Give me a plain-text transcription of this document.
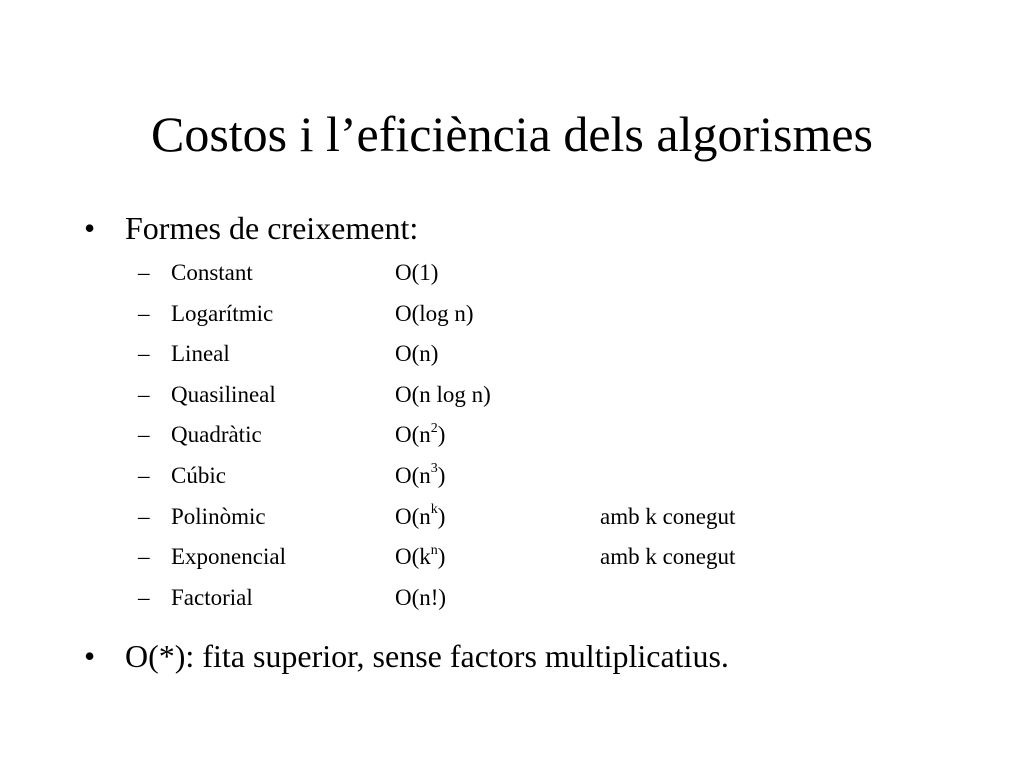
Costos i l’eficiència dels algorismes
• Formes de creixement:
– Constant	O(1)
– Logarítmic	O(log n)
– Lineal	O(n)
– Quasilineal	O(n log n)
– Quadràtic	$O(n^2)$
– Cúbic	$O(n^3)$
– Polinòmic	$O(n^k)$	amb k conegut
– Exponencial	$O(k^n)$	amb k conegut
– Factorial	O(n!)
• O(*): fita superior, sense factors multiplicatius.
